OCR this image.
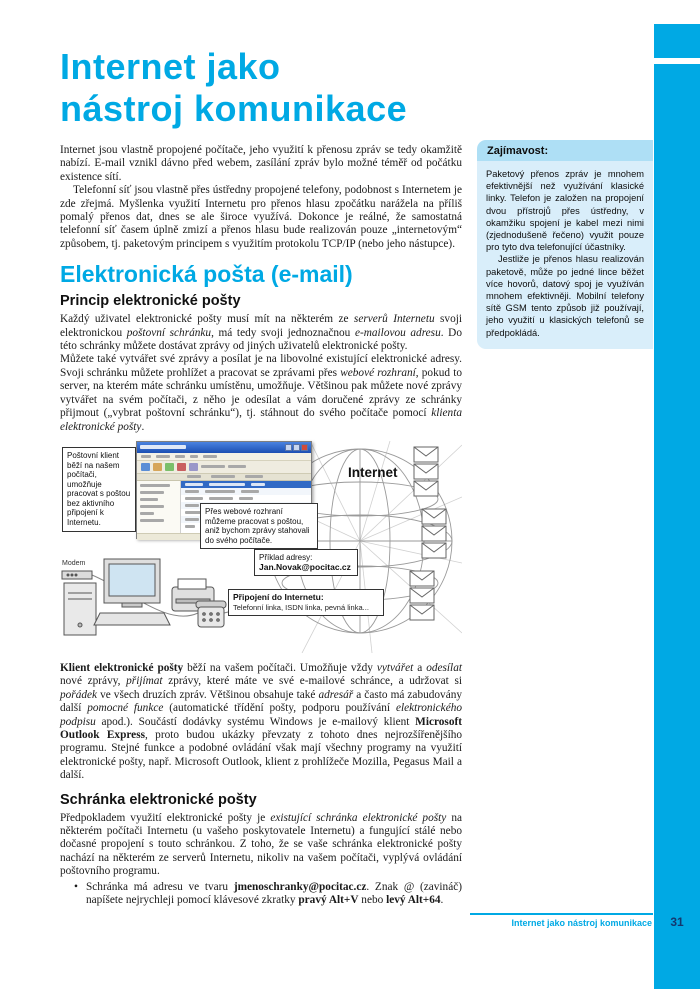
Internet jako
nástroj komunikace

Internet jsou vlastně propojené počítače, jeho využití k přenosu zpráv se tedy okamžitě nabízí. E-mail vznikl dávno před webem, zasílání zpráv bylo možné téměř od počátku existence sítí.

Telefonní síť jsou vlastně přes ústředny propojené telefony, podobnost s Internetem je zde zřejmá. Myšlenka využití Internetu pro přenos hlasu zpočátku narážela na příliš pomalý přenos dat, dnes se ale široce využívá. Dokonce je reálné, že samostatná telefonní síť časem úplně zmizí a přenos hlasu bude realizován pouze „internetovým“ způsobem, tj. paketovým principem s využitím protokolu TCP/IP (nebo jeho nástupce).

Elektronická pošta (e-mail)
Princip elektronické pošty

Každý uživatel elektronické pošty musí mít na některém ze serverů Internetu svoji elektronickou poštovní schránku, má tedy svoji jednoznačnou e-mailovou adresu. Do této schránky můžete dostávat zprávy od jiných uživatelů elektronické pošty.

Můžete také vytvářet své zprávy a posílat je na libovolné existující elektronické adresy. Svoji schránku můžete prohlížet a pracovat se zprávami přes webové rozhraní, pokud to server, na kterém máte schránku umístěnu, umožňuje. Většinou pak můžete nové zprávy vytvářet na svém počítači, z něho je odesílat a vám doručené zprávy ze schránky přijmout („vybrat poštovní schránku“), tj. stáhnout do svého počítače pomocí klienta elektronické pošty.

Poštovní klient běží na našem počítači, umožňuje pracovat s poštou bez aktivního připojení k Internetu.
Přes webové rozhraní můžeme pracovat s poštou, aniž bychom zprávy stahovali do svého počítače.
Příklad adresy:
Jan.Novak@pocitac.cz
Připojení do Internetu:
Telefonní linka, ISDN linka, pevná linka...
Internet
Modem

Klient elektronické pošty běží na vašem počítači. Umožňuje vždy vytvářet a odesílat nové zprávy, přijímat zprávy, které máte ve své e-mailové schránce, a udržovat si pořádek ve všech druzích zpráv. Většinou obsahuje také adresář a často má zabudovány další pomocné funkce (automatické třídění pošty, podporu používání elektronického podpisu apod.). Součástí dodávky systému Windows je e-mailový klient Microsoft Outlook Express, proto budou ukázky převzaty z tohoto dnes nejrozšířenějšího programu. Stejné funkce a podobné ovládání však mají všechny programy na využití elektronické pošty, např. Microsoft Outlook, klient z prohlížeče Mozilla, Pegasus Mail a další.

Schránka elektronické pošty

Předpokladem využití elektronické pošty je existující schránka elektronické pošty na některém počítači Internetu (u vašeho poskytovatele Internetu) a fungující stálé nebo dočasné propojení s touto schránkou. Z toho, že se vaše schránka elektronické pošty nachází na některém ze serverů Internetu, nikoliv na vašem počítači, vyplývá ovládání poštovního programu.

• Schránka má adresu ve tvaru jmenoschranky@pocitac.cz. Znak @ (zavináč) napíšete nejrychleji pomocí klávesové zkratky pravý Alt+V nebo levý Alt+64.
Zajímavost:

Paketový přenos zpráv je mnohem efektivnější než využívání klasické linky. Telefon je založen na propojení dvou přístrojů přes ústředny, v okamžiku spojení je kabel mezi nimi (zjednodušeně řečeno) využit pouze pro tyto dva telefonující účastníky.

Jestliže je přenos hlasu realizován paketově, může po jedné lince běžet více hovorů, datový spoj je využíván mnohem efektivněji. Mobilní telefony sítě GSM tento způsob již používají, jeho využití u klasických telefonů se předpokládá.

Internet jako nástroj komunikace	31
